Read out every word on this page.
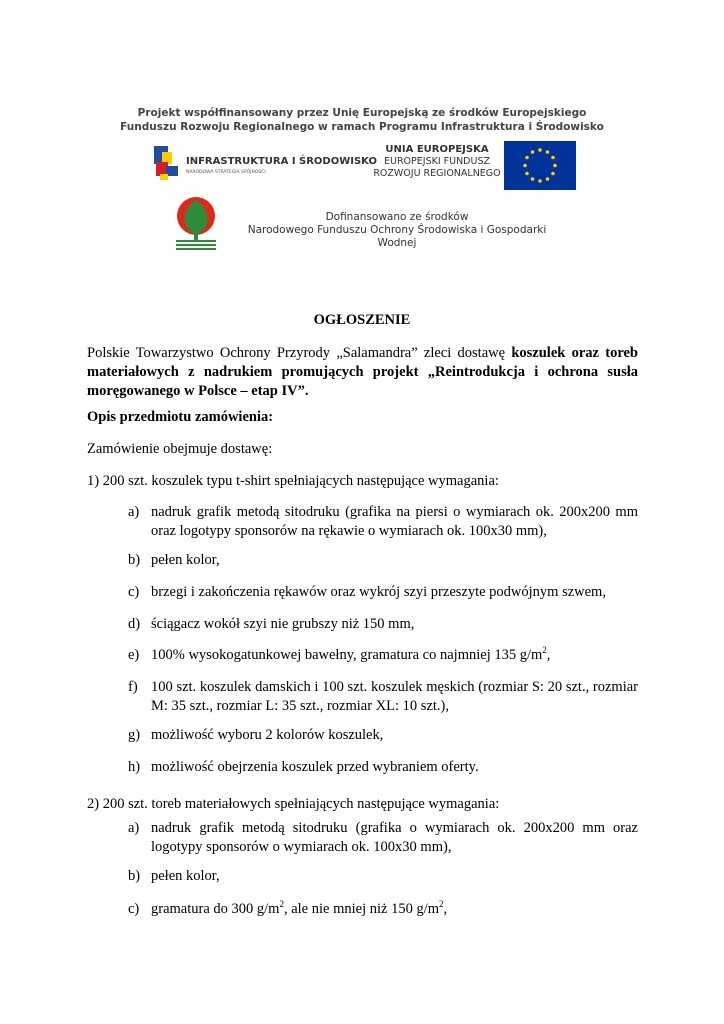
Projekt współfinansowany przez Unię Europejską ze środków Europejskiego
Funduszu Rozwoju Regionalnego w ramach Programu Infrastruktura i Środowisko
INFRASTRUKTURA I ŚRODOWISKO
NARODOWA STRATEGIA SPÓJNOŚCI
UNIA EUROPEJSKA
EUROPEJSKI FUNDUSZ
ROZWOJU REGIONALNEGO
Dofinansowano ze środków
Narodowego Funduszu Ochrony Środowiska i Gospodarki Wodnej
OGŁOSZENIE
Polskie Towarzystwo Ochrony Przyrody „Salamandra” zleci dostawę koszulek oraz toreb materiałowych z nadrukiem promujących projekt „Reintrodukcja i ochrona susła moręgowanego w Polsce – etap IV”.
Opis przedmiotu zamówienia:
Zamówienie obejmuje dostawę:
1) 200 szt. koszulek typu t-shirt spełniających następujące wymagania:
a) nadruk grafik metodą sitodruku (grafika na piersi o wymiarach ok. 200x200 mm oraz logotypy sponsorów na rękawie o wymiarach ok. 100x30 mm),
b) pełen kolor,
c) brzegi i zakończenia rękawów oraz wykrój szyi przeszyte podwójnym szwem,
d) ściągacz wokół szyi nie grubszy niż 150 mm,
e) 100% wysokogatunkowej bawełny, gramatura co najmniej 135 $g/m^2$,
f) 100 szt. koszulek damskich i 100 szt. koszulek męskich (rozmiar S: 20 szt., rozmiar M: 35 szt., rozmiar L: 35 szt., rozmiar XL: 10 szt.),
g) możliwość wyboru 2 kolorów koszulek,
h) możliwość obejrzenia koszulek przed wybraniem oferty.
2) 200 szt. toreb materiałowych spełniających następujące wymagania:
a) nadruk grafik metodą sitodruku (grafika o wymiarach ok. 200x200 mm oraz logotypy sponsorów o wymiarach ok. 100x30 mm),
b) pełen kolor,
c) gramatura do 300 $g/m^2$, ale nie mniej niż 150 $g/m^2$,
